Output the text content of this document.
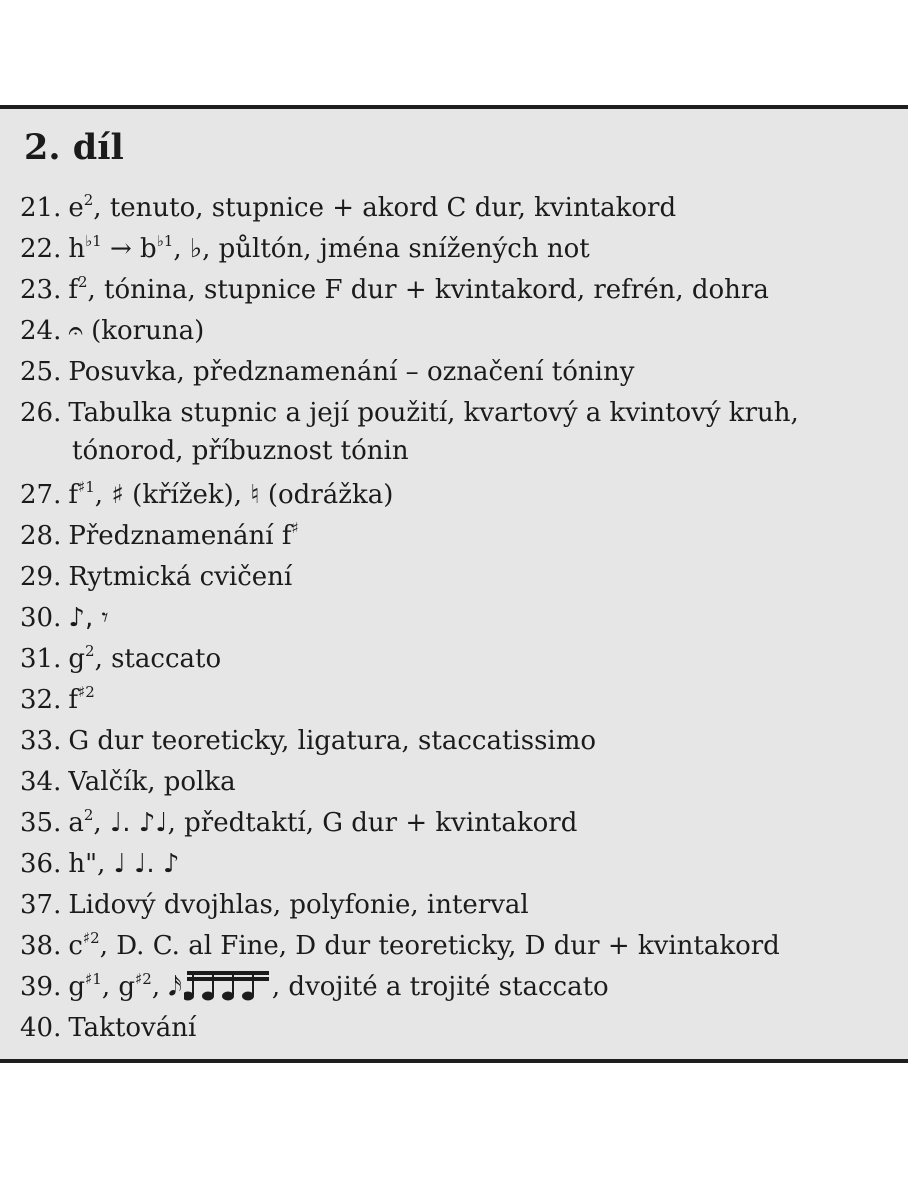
2. díl
21. $e^2$, tenuto, stupnice + akord C dur, kvintakord
22. $h^{♭1} \to b^{♭1}$, ♭, půltón, jména snížených not
23. $f^2$, tónina, stupnice F dur + kvintakord, refrén, dohra
24. 𝄐 (koruna)
25. Posuvka, předznamenání – označení tóniny
26. Tabulka stupnic a její použití, kvartový a kvintový kruh,
tónorod, příbuznost tónin
27. $f^{♯1}$, ♯ (křížek), ♮ (odrážka)
28. Předznamenání f♯
29. Rytmická cvičení
30. ♪, 𝄾
31. $g^2$, staccato
32. $f^{♯2}$
33. G dur teoreticky, ligatura, staccatissimo
34. Valčík, polka
35. $a^2$, ♩. ♪♩, předtaktí, G dur + kvintakord
36. h", ♩ ♩. ♪
37. Lidový dvojhlas, polyfonie, interval
38. $c^{♯2}$, D. C. al Fine, D dur teoreticky, D dur + kvintakord
39. $g^{♯1}$, $g^{♯2}$, 𝅘𝅥𝅯	, dvojité a trojité staccato
40. Taktování
